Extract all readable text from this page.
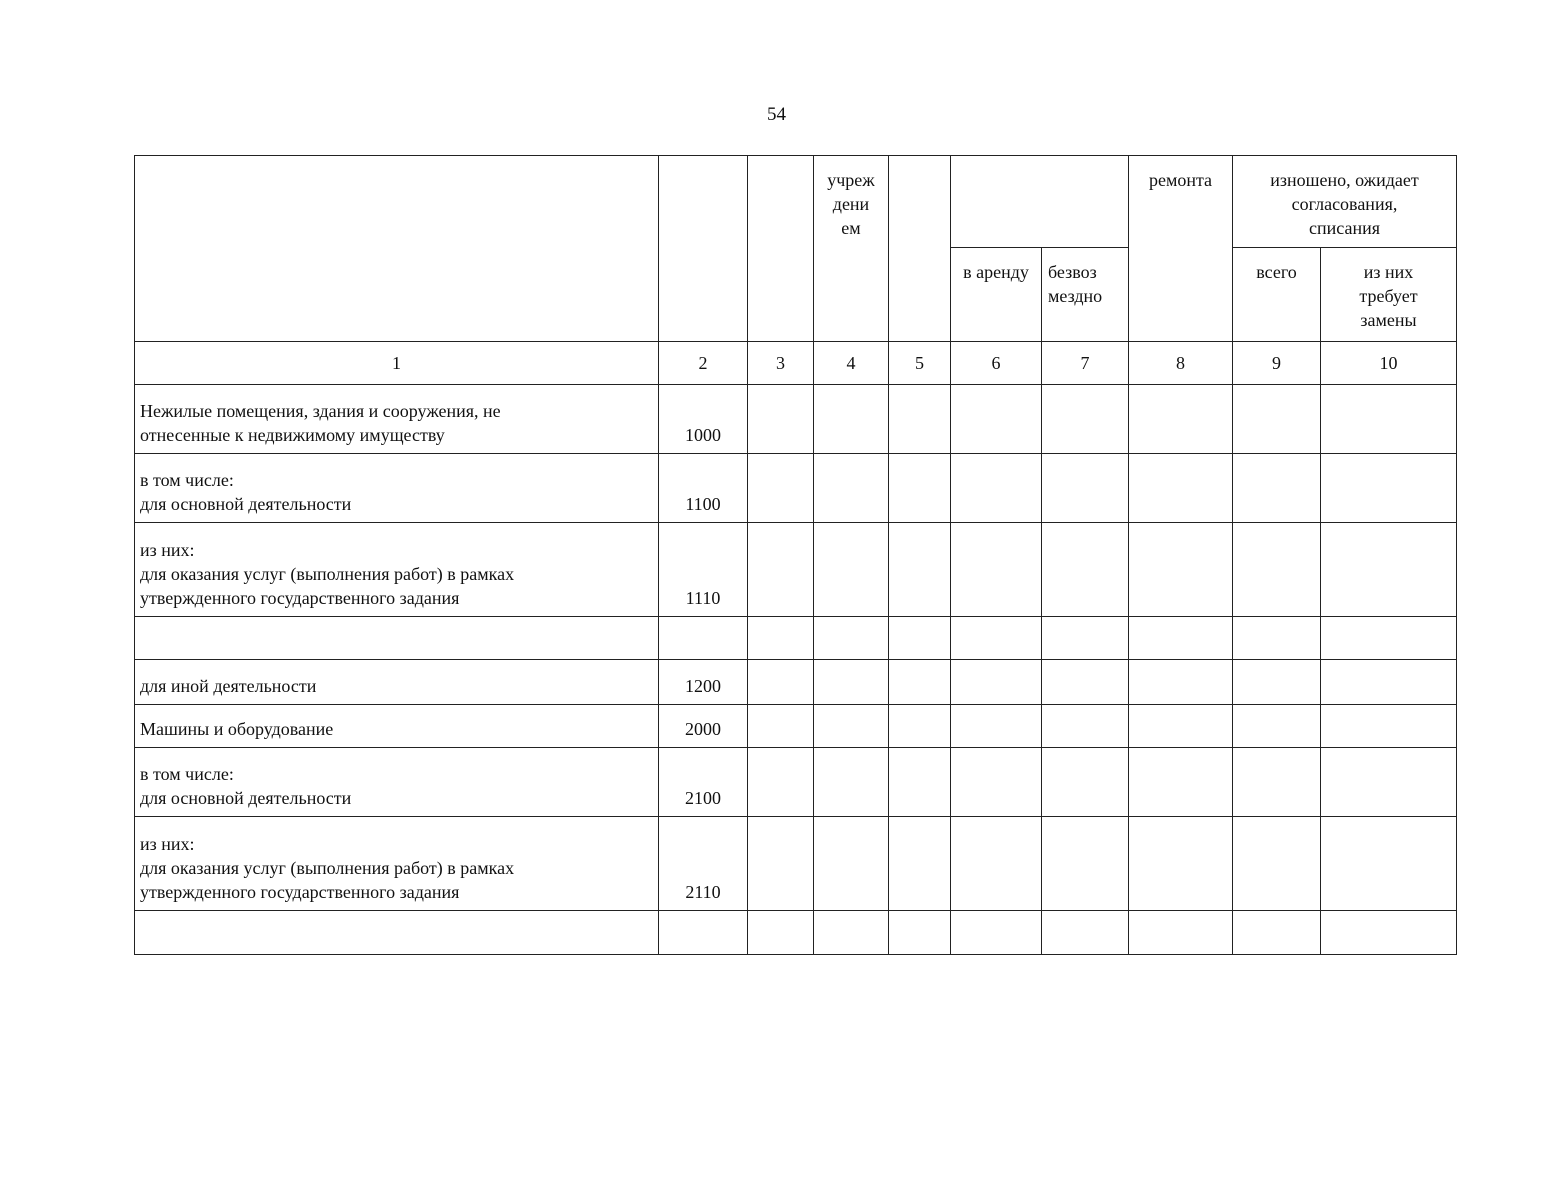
54

			учреж
дени
ем				ремонта	изношено, ожидает
согласования,
списания	

					в аренду	безвоз
мездно		всего	из них
требует
замены

1	2	3	4	5	6	7	8	9	10

Нежилые помещения, здания и сооружения, не
отнесенные к недвижимому имуществу	1000								

в том числе:
для основной деятельности	1100								

из них:
для оказания услуг (выполнения работ) в рамках
утвержденного государственного задания	1110								

для иной деятельности	1200								

Машины и оборудование	2000								

в том числе:
для основной деятельности	2100								

из них:
для оказания услуг (выполнения работ) в рамках
утвержденного государственного задания	2110								
